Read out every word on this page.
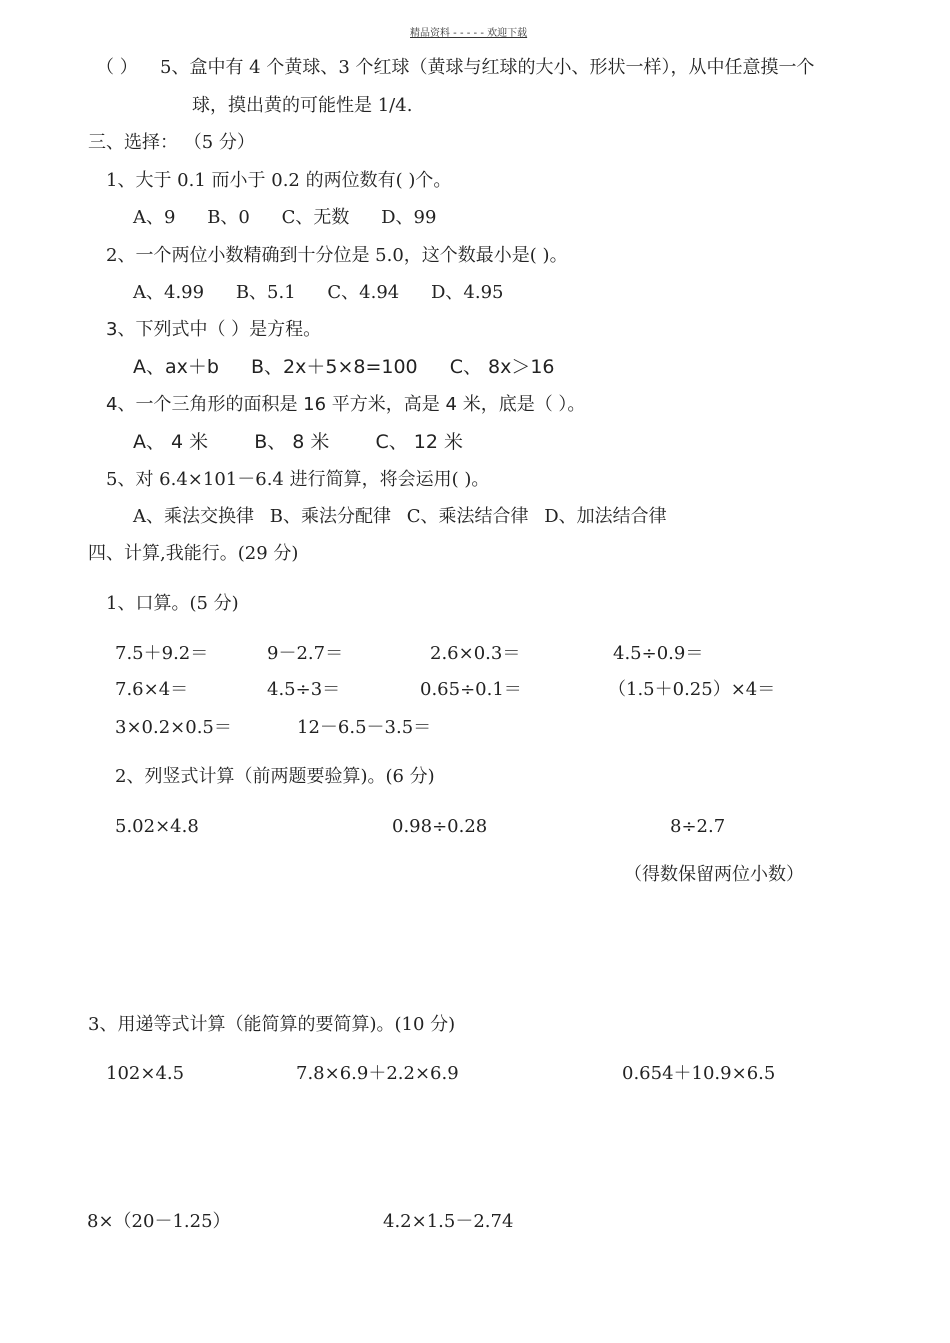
精品资料 - - - - - 欢迎下载
（ ） 5、盒中有 4 个黄球、3 个红球（黄球与红球的大小、形状一样），从中任意摸一个
球，摸出黄的可能性是 1/4.
三、选择： （5 分）
1、大于 0.1 而小于 0.2 的两位数有( )个。
A、9 B、0 C、无数 D、99
2、一个两位小数精确到十分位是 5.0，这个数最小是( )。
A、4.99 B、5.1 C、4.94 D、4.95
3、下列式中（ ）是方程。
A、ax＋b B、2x＋5×8=100 C、 8x＞16
4、一个三角形的面积是 16 平方米，高是 4 米，底是（ ）。
A、 4 米 B、 8 米 C、 12 米
5、对 6.4×101－6.4 进行简算，将会运用( )。
A、乘法交换律 B、乘法分配律 C、乘法结合律 D、加法结合律
四、计算,我能行。(29 分)
1、口算。(5 分)
7.5＋9.2＝	9－2.7＝	2.6×0.3＝	4.5÷0.9＝
7.6×4＝	4.5÷3＝	0.65÷0.1＝	（1.5＋0.25）×4＝
3×0.2×0.5＝	12－6.5－3.5＝
2、列竖式计算（前两题要验算)。(6 分)
5.02×4.8	0.98÷0.28	8÷2.7
（得数保留两位小数）
3、用递等式计算（能简算的要简算)。(10 分)
102×4.5	7.8×6.9＋2.2×6.9	0.654＋10.9×6.5
8×（20－1.25）	4.2×1.5－2.74
